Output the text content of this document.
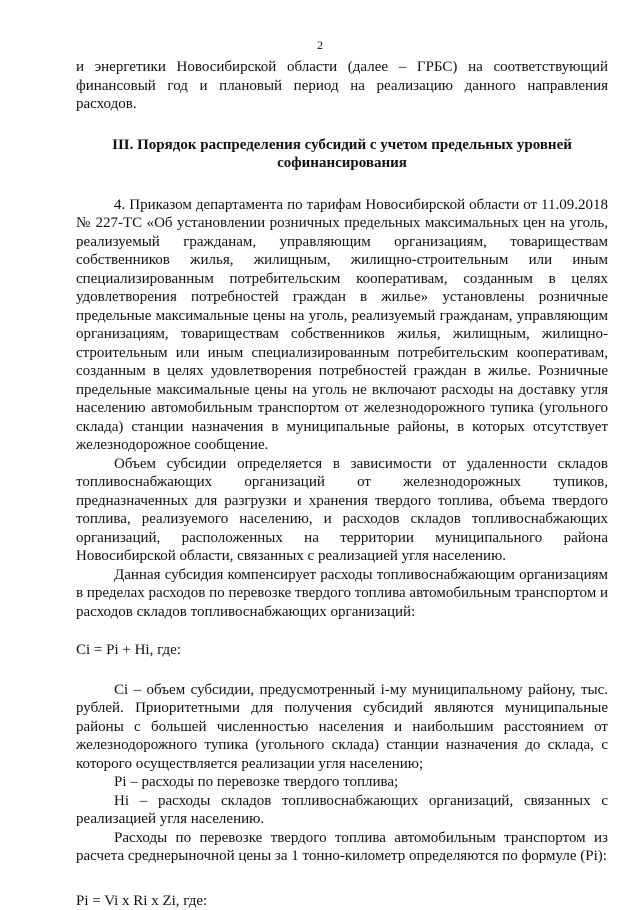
2

и энергетики Новосибирской области (далее – ГРБС) на соответствующий финансовый год и плановый период на реализацию данного направления расходов.

III. Порядок распределения субсидий с учетом предельных уровней софинансирования

4. Приказом департамента по тарифам Новосибирской области от 11.09.2018 № 227-ТС «Об установлении розничных предельных максимальных цен на уголь, реализуемый гражданам, управляющим организациям, товариществам собственников жилья, жилищным, жилищно-строительным или иным специализированным потребительским кооперативам, созданным в целях удовлетворения потребностей граждан в жилье» установлены розничные предельные максимальные цены на уголь, реализуемый гражданам, управляющим организациям, товариществам собственников жилья, жилищным, жилищно-строительным или иным специализированным потребительским кооперативам, созданным в целях удовлетворения потребностей граждан в жилье. Розничные предельные максимальные цены на уголь не включают расходы на доставку угля населению автомобильным транспортом от железнодорожного тупика (угольного склада) станции назначения в муниципальные районы, в которых отсутствует железнодорожное сообщение.

Объем субсидии определяется в зависимости от удаленности складов топливоснабжающих организаций от железнодорожных тупиков, предназначенных для разгрузки и хранения твердого топлива, объема твердого топлива, реализуемого населению, и расходов складов топливоснабжающих организаций, расположенных на территории муниципального района Новосибирской области, связанных с реализацией угля населению.

Данная субсидия компенсирует расходы топливоснабжающим организациям в пределах расходов по перевозке твердого топлива автомобильным транспортом и расходов складов топливоснабжающих организаций:

Ci = Pi + Hi, где:

Ci – объем субсидии, предусмотренный i-му муниципальному району, тыс. рублей. Приоритетными для получения субсидий являются муниципальные районы с большей численностью населения и наибольшим расстоянием от железнодорожного тупика (угольного склада) станции назначения до склада, с которого осуществляется реализации угля населению;

Pi – расходы по перевозке твердого топлива;

Hi – расходы складов топливоснабжающих организаций, связанных с реализацией угля населению.

Расходы по перевозке твердого топлива автомобильным транспортом из расчета среднерыночной цены за 1 тонно-километр определяются по формуле (Pi):

Pi = Vi x Ri x Zi, где:
